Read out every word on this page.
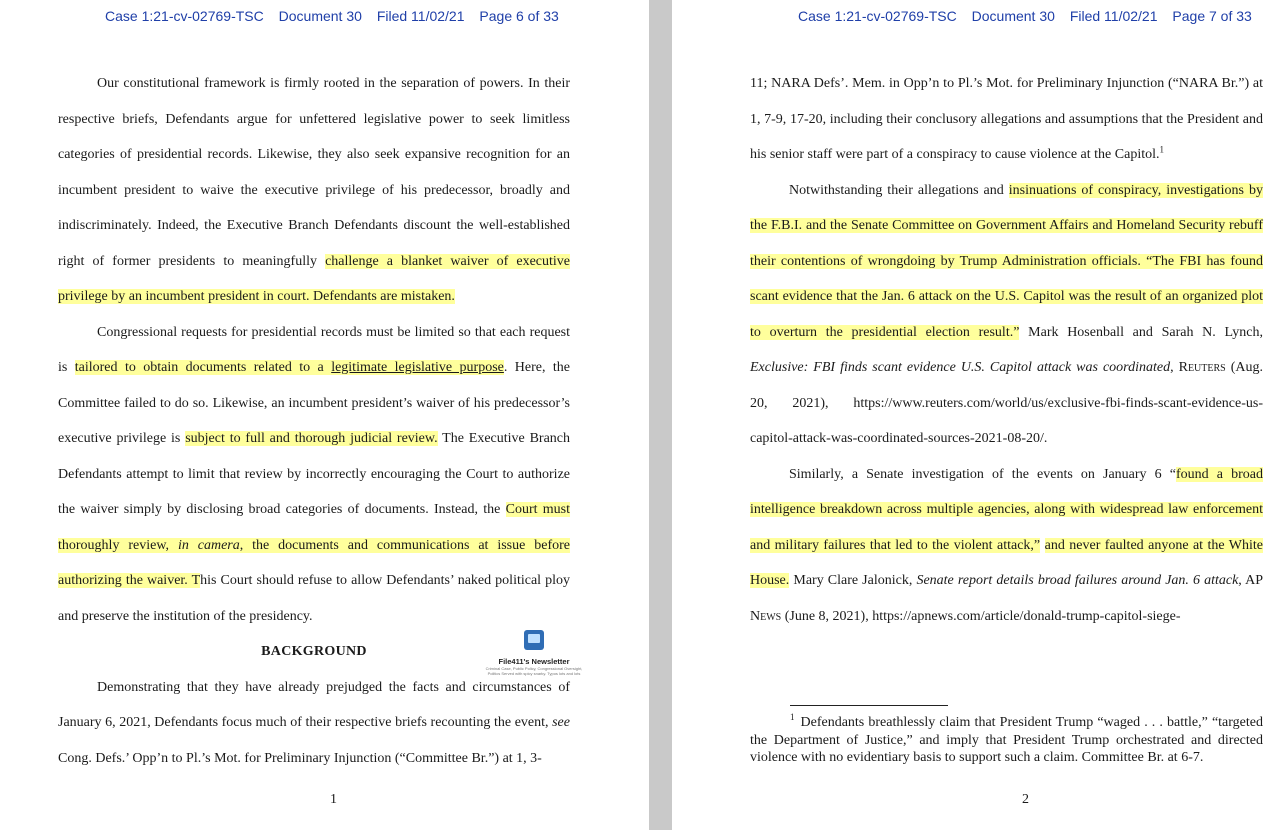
Case 1:21-cv-02769-TSC Document 30 Filed 11/02/21 Page 6 of 33

Our constitutional framework is firmly rooted in the separation of powers. In their respective briefs, Defendants argue for unfettered legislative power to seek limitless categories of presidential records. Likewise, they also seek expansive recognition for an incumbent president to waive the executive privilege of his predecessor, broadly and indiscriminately. Indeed, the Executive Branch Defendants discount the well-established right of former presidents to meaningfully challenge a blanket waiver of executive privilege by an incumbent president in court. Defendants are mistaken.

Congressional requests for presidential records must be limited so that each request is tailored to obtain documents related to a legitimate legislative purpose. Here, the Committee failed to do so. Likewise, an incumbent president’s waiver of his predecessor’s executive privilege is subject to full and thorough judicial review. The Executive Branch Defendants attempt to limit that review by incorrectly encouraging the Court to authorize the waiver simply by disclosing broad categories of documents. Instead, the Court must thoroughly review, in camera, the documents and communications at issue before authorizing the waiver. This Court should refuse to allow Defendants’ naked political ploy and preserve the institution of the presidency.

BACKGROUND

Demonstrating that they have already prejudged the facts and circumstances of January 6, 2021, Defendants focus much of their respective briefs recounting the event, see Cong. Defs.’ Opp’n to Pl.’s Mot. for Preliminary Injunction (“Committee Br.”) at 1, 3-

File411's Newsletter
Criminal Case, Public Policy, Congressional Oversight, Politics Served with spicy snarky. Typos lots and lots
1
Case 1:21-cv-02769-TSC Document 30 Filed 11/02/21 Page 7 of 33

11; NARA Defs’. Mem. in Opp’n to Pl.’s Mot. for Preliminary Injunction (“NARA Br.”) at 1, 7-9, 17-20, including their conclusory allegations and assumptions that the President and his senior staff were part of a conspiracy to cause violence at the Capitol.$^1$

Notwithstanding their allegations and insinuations of conspiracy, investigations by the F.B.I. and the Senate Committee on Government Affairs and Homeland Security rebuff their contentions of wrongdoing by Trump Administration officials. “The FBI has found scant evidence that the Jan. 6 attack on the U.S. Capitol was the result of an organized plot to overturn the presidential election result.” Mark Hosenball and Sarah N. Lynch, Exclusive: FBI finds scant evidence U.S. Capitol attack was coordinated, Reuters (Aug. 20, 2021), https://www.reuters.com/world/us/exclusive-fbi-finds-scant-evidence-us-capitol-attack-was-coordinated-sources-2021-08-20/.

Similarly, a Senate investigation of the events on January 6 “found a broad intelligence breakdown across multiple agencies, along with widespread law enforcement and military failures that led to the violent attack,” and never faulted anyone at the White House. Mary Clare Jalonick, Senate report details broad failures around Jan. 6 attack, AP News (June 8, 2021), https://apnews.com/article/donald-trump-capitol-siege-

$^1$ Defendants breathlessly claim that President Trump “waged . . . battle,” “targeted the Department of Justice,” and imply that President Trump orchestrated and directed violence with no evidentiary basis to support such a claim. Committee Br. at 6-7.
2
